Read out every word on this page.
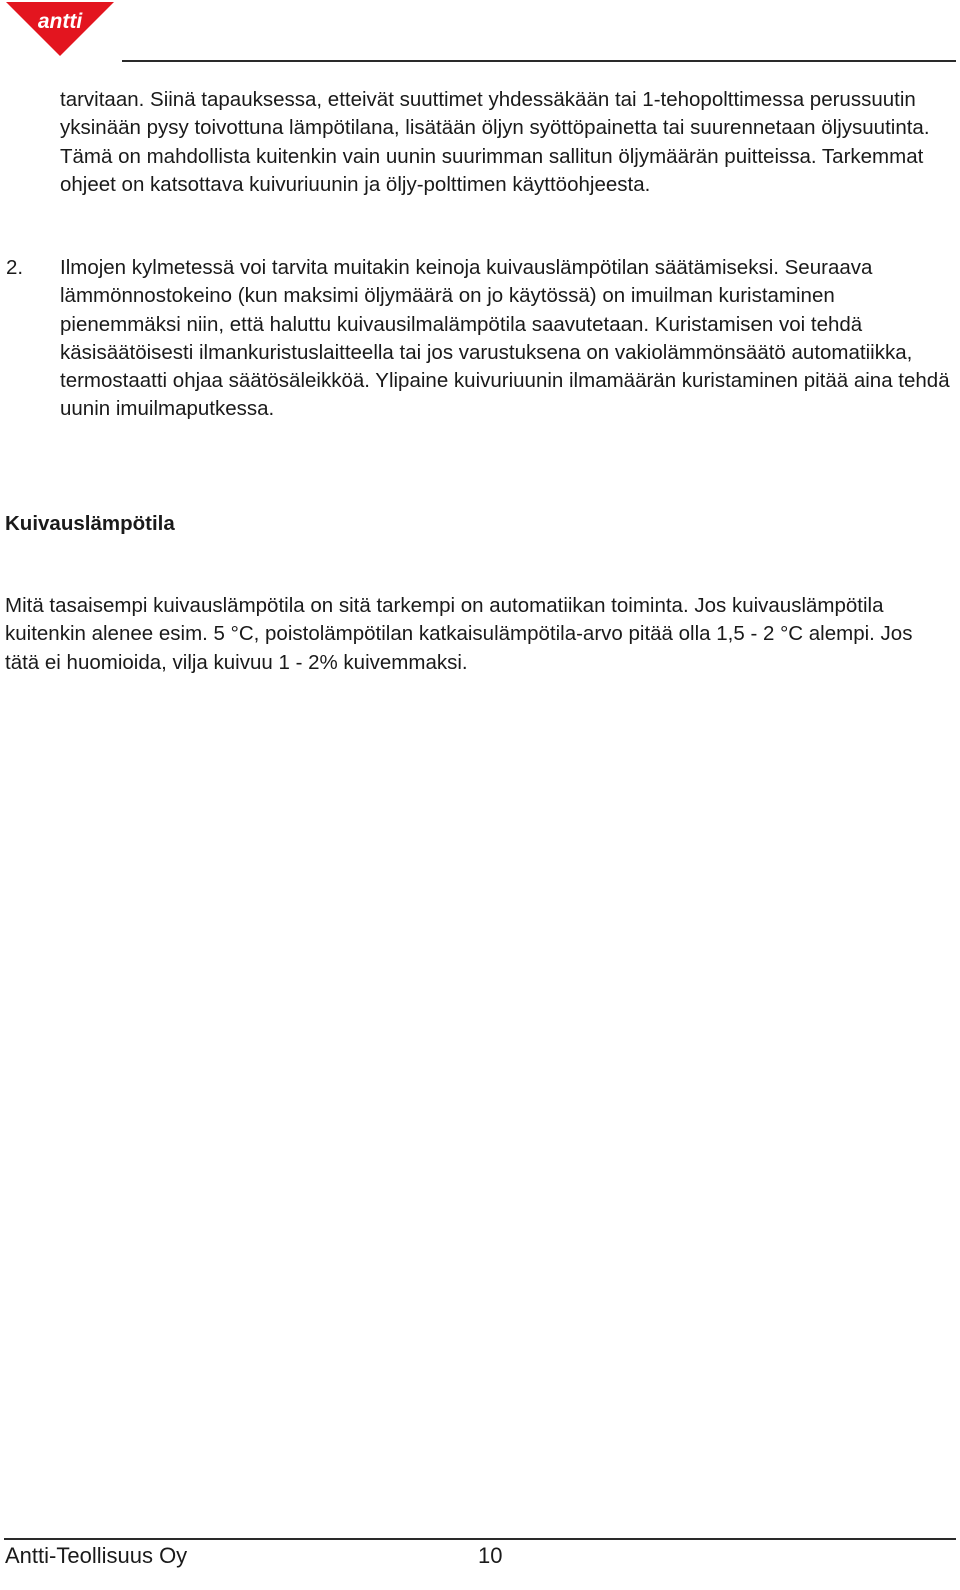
antti

tarvitaan. Siinä tapauksessa, etteivät suuttimet yhdessäkään tai 1-tehopolttimessa perussuutin yksinään pysy toivottuna lämpötilana, lisätään öljyn syöttöpainetta tai suurennetaan öljysuutinta. Tämä on mahdollista kuitenkin vain uunin suurimman sallitun öljymäärän puitteissa. Tarkemmat ohjeet on katsottava kuivuriuunin ja öljy-polttimen käyttöohjeesta.

2. Ilmojen kylmetessä voi tarvita muitakin keinoja kuivauslämpötilan säätämiseksi. Seuraava lämmönnostokeino (kun maksimi öljymäärä on jo käytössä) on imuilman kuristaminen pienemmäksi niin, että haluttu kuivausilmalämpötila saavutetaan. Kuristamisen voi tehdä käsisäätöisesti ilmankuristuslaitteella tai jos varustuksena on vakiolämmönsäätö automatiikka, termostaatti ohjaa säätösäleikköä. Ylipaine kuivuriuunin ilmamäärän kuristaminen pitää aina tehdä uunin imuilmaputkessa.
Kuivauslämpötila

Mitä tasaisempi kuivauslämpötila on sitä tarkempi on automatiikan toiminta. Jos kuivauslämpötila kuitenkin alenee esim. 5 °C, poistolämpötilan katkaisulämpötila-arvo pitää olla 1,5 - 2 °C alempi. Jos tätä ei huomioida, vilja kuivuu 1 - 2% kuivemmaksi.

Antti-Teollisuus Oy	10
